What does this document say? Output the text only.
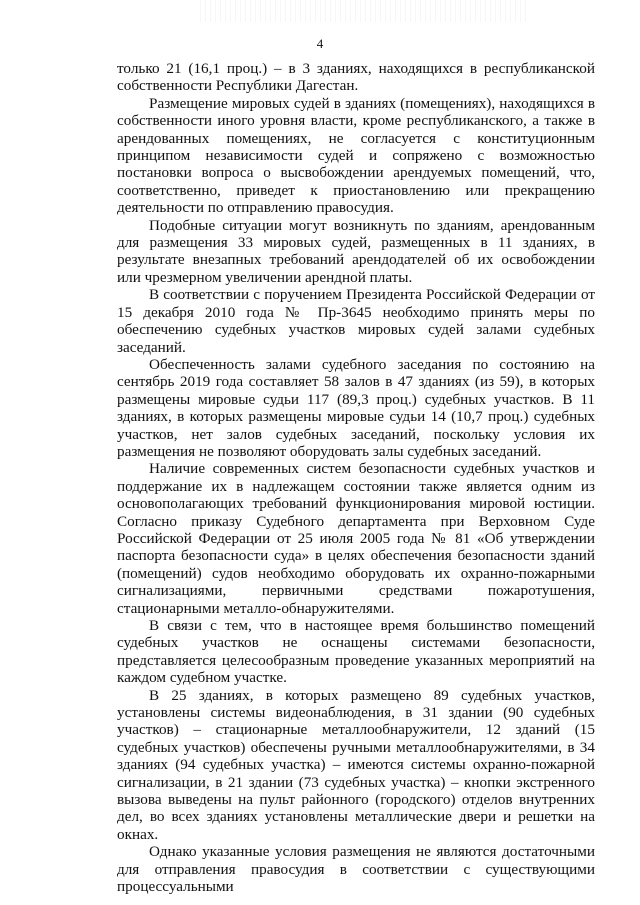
4

только 21 (16,1 проц.) – в 3 зданиях, находящихся в республиканской собственности Республики Дагестан.

Размещение мировых судей в зданиях (помещениях), находящихся в собственности иного уровня власти, кроме республиканского, а также в арендованных помещениях, не согласуется с конституционным принципом независимости судей и сопряжено с возможностью постановки вопроса о высвобождении арендуемых помещений, что, соответственно, приведет к приостановлению или прекращению деятельности по отправлению правосудия.

Подобные ситуации могут возникнуть по зданиям, арендованным для размещения 33 мировых судей, размещенных в 11 зданиях, в результате внезапных требований арендодателей об их освобождении или чрезмерном увеличении арендной платы.

В соответствии с поручением Президента Российской Федерации от 15 декабря 2010 года № Пр-3645 необходимо принять меры по обеспечению судебных участков мировых судей залами судебных заседаний.

Обеспеченность залами судебного заседания по состоянию на сентябрь 2019 года составляет 58 залов в 47 зданиях (из 59), в которых размещены мировые судьи 117 (89,3 проц.) судебных участков. В 11 зданиях, в которых размещены мировые судьи 14 (10,7 проц.) судебных участков, нет залов судебных заседаний, поскольку условия их размещения не позволяют оборудовать залы судебных заседаний.

Наличие современных систем безопасности судебных участков и поддержание их в надлежащем состоянии также является одним из основополагающих требований функционирования мировой юстиции. Согласно приказу Судебного департамента при Верховном Суде Российской Федерации от 25 июля 2005 года № 81 «Об утверждении паспорта безопасности суда» в целях обеспечения безопасности зданий (помещений) судов необходимо оборудовать их охранно-пожарными сигнализациями, первичными средствами пожаротушения, стационарными металло-обнаружителями.

В связи с тем, что в настоящее время большинство помещений судебных участков не оснащены системами безопасности, представляется целесообразным проведение указанных мероприятий на каждом судебном участке.

В 25 зданиях, в которых размещено 89 судебных участков, установлены системы видеонаблюдения, в 31 здании (90 судебных участков) – стационарные металлообнаружители, 12 зданий (15 судебных участков) обеспечены ручными металлообнаружителями, в 34 зданиях (94 судебных участка) – имеются системы охранно-пожарной сигнализации, в 21 здании (73 судебных участка) – кнопки экстренного вызова выведены на пульт районного (городского) отделов внутренних дел, во всех зданиях установлены металлические двери и решетки на окнах.

Однако указанные условия размещения не являются достаточными для отправления правосудия в соответствии с существующими процессуальными
